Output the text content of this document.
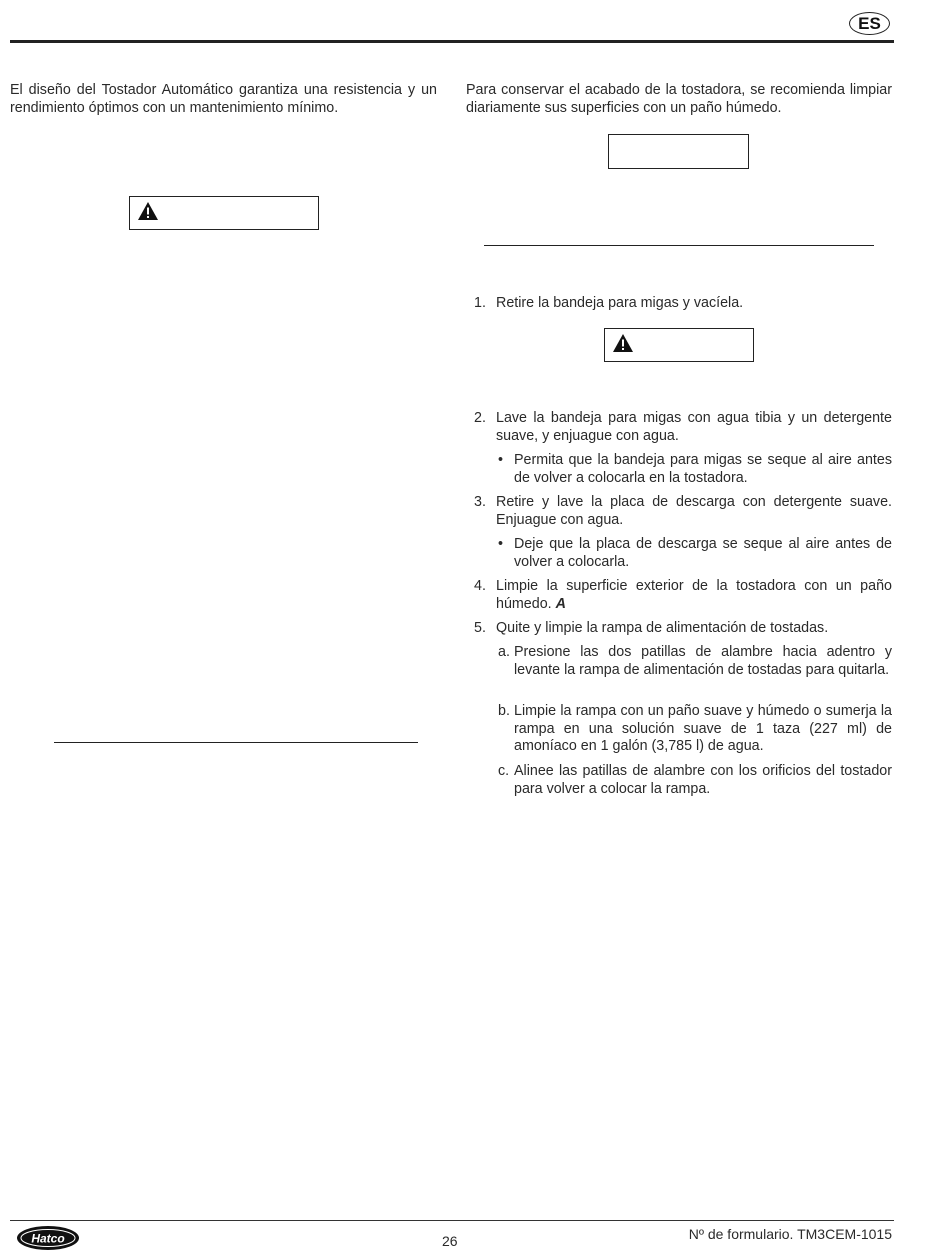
ES

El diseño del Tostador Automático garantiza una resistencia y un rendimiento óptimos con un mantenimiento mínimo.

Para conservar el acabado de la tostadora, se recomienda limpiar diariamente sus superficies con un paño húmedo.

1. Retire la bandeja para migas y vacíela.
2. Lave la bandeja para migas con agua tibia y un detergente suave, y enjuague con agua.
• Permita que la bandeja para migas se seque al aire antes de volver a colocarla en la tostadora.
3. Retire y lave la placa de descarga con detergente suave. Enjuague con agua.
• Deje que la placa de descarga se seque al aire antes de volver a colocarla.
4. Limpie la superficie exterior de la tostadora con un paño húmedo. A
5. Quite y limpie la rampa de alimentación de tostadas.
a. Presione las dos patillas de alambre hacia adentro y levante la rampa de alimentación de tostadas para quitarla.
b. Limpie la rampa con un paño suave y húmedo o sumerja la rampa en una solución suave de 1 taza (227 ml) de amoníaco en 1 galón (3,785 l) de agua.
c. Alinee las patillas de alambre con los orificios del tostador para volver a colocar la rampa.
Hatco	26	Nº de formulario. TM3CEM-1015
